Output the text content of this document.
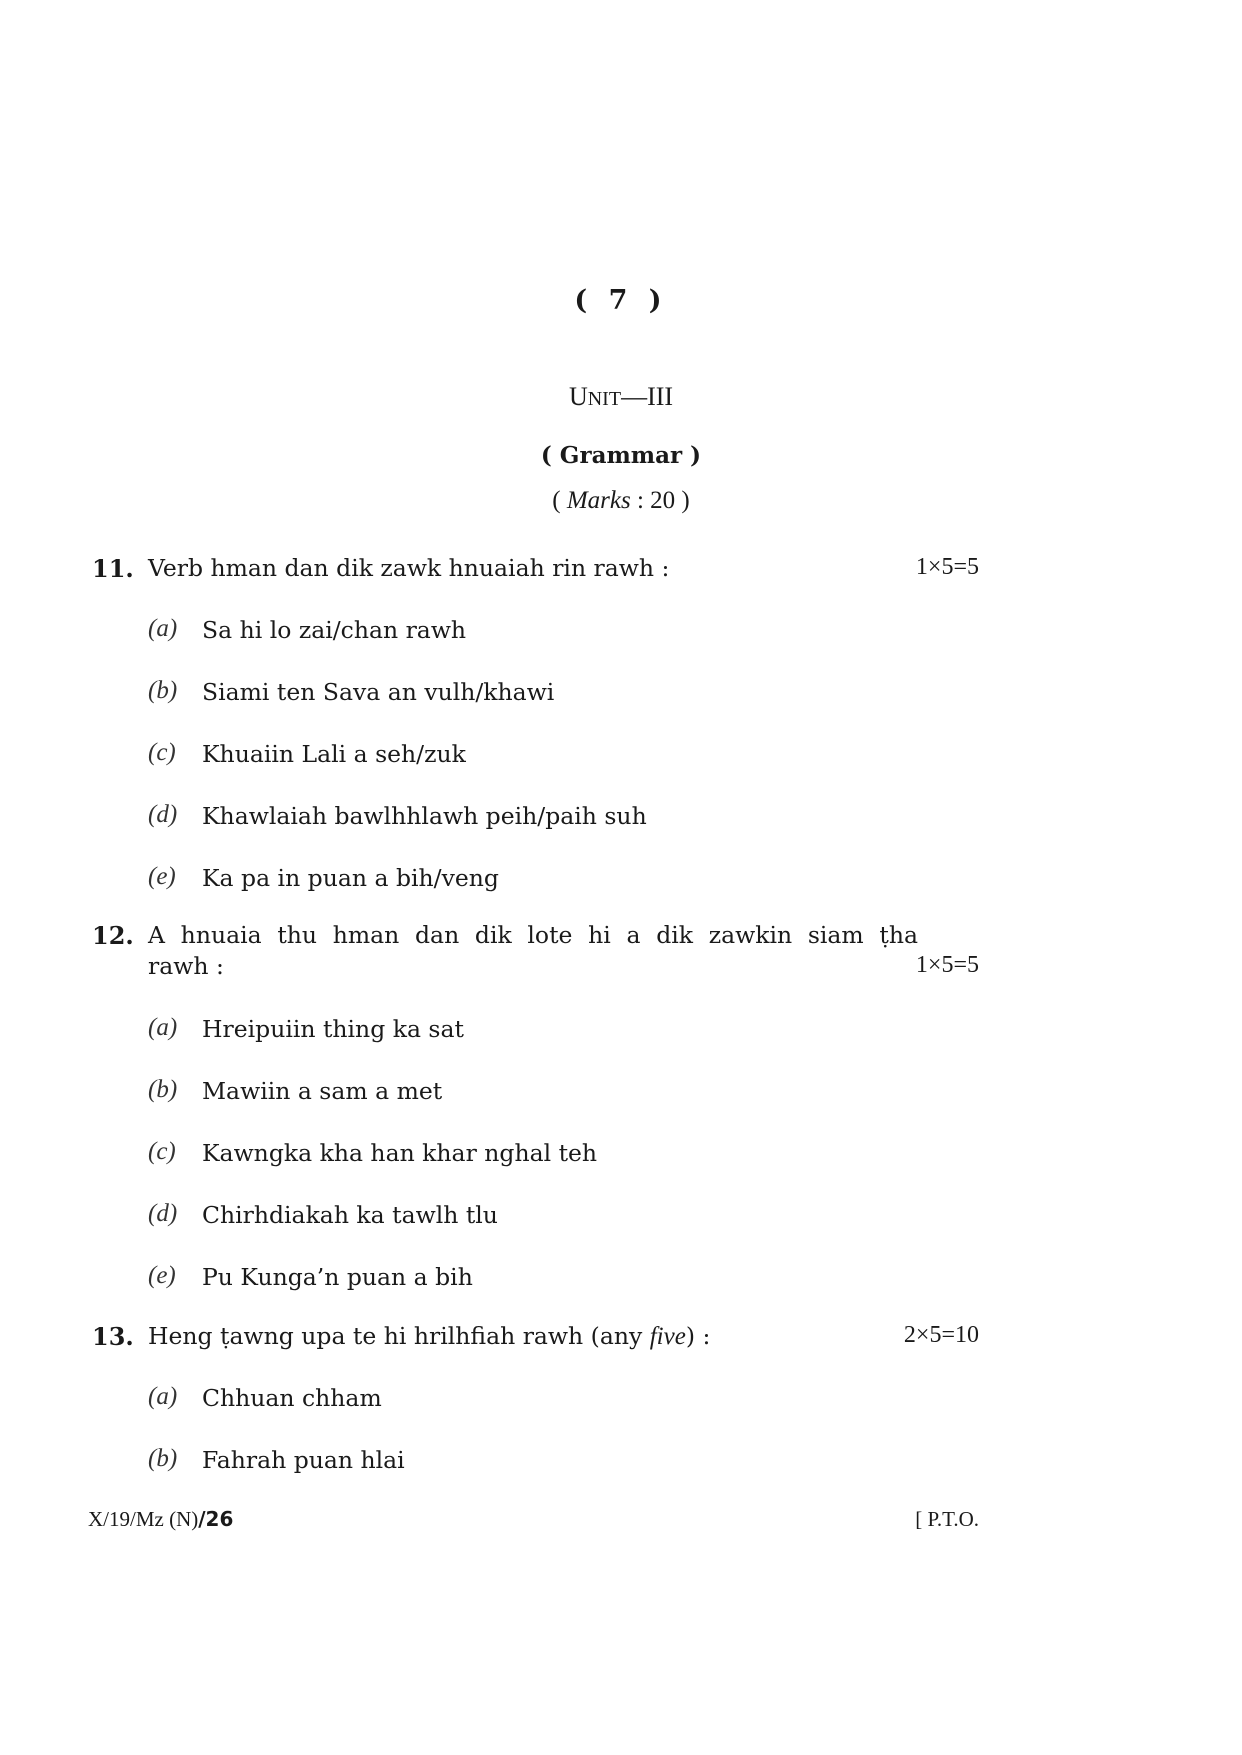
( 7 )
UNIT—III
( Grammar )
( Marks : 20 )
11. Verb hman dan dik zawk hnuaiah rin rawh :	1×5=5
(a) Sa hi lo zai/chan rawh
(b) Siami ten Sava an vulh/khawi
(c) Khuaiin Lali a seh/zuk
(d) Khawlaiah bawlhhlawh peih/paih suh
(e) Ka pa in puan a bih/veng
12. A hnuaia thu hman dan dik lote hi a dik zawkin siam ṭha
rawh :	1×5=5
(a) Hreipuiin thing ka sat
(b) Mawiin a sam a met
(c) Kawngka kha han khar nghal teh
(d) Chirhdiakah ka tawlh tlu
(e) Pu Kunga’n puan a bih
13. Heng ṭawng upa te hi hrilhfiah rawh (any five) :	2×5=10
(a) Chhuan chham
(b) Fahrah puan hlai
X/19/Mz (N)/26	[ P.T.O.
